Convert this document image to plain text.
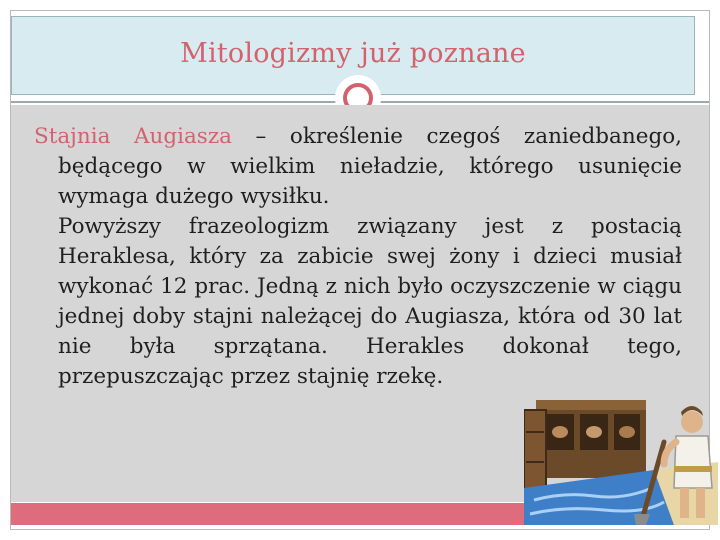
Mitologizmy już poznane

Stajnia Augiasza – określenie czegoś zaniedbanego, będącego w wielkim nieładzie, którego usunięcie wymaga dużego wysiłku.

Powyższy frazeologizm związany jest z postacią Heraklesa, który za zabicie swej żony i dzieci musiał wykonać 12 prac. Jedną z nich było oczyszczenie w ciągu jednej doby stajni należącej do Augiasza, która od 30 lat nie była sprzątana. Herakles dokonał tego, przepuszczając przez stajnię rzekę.
